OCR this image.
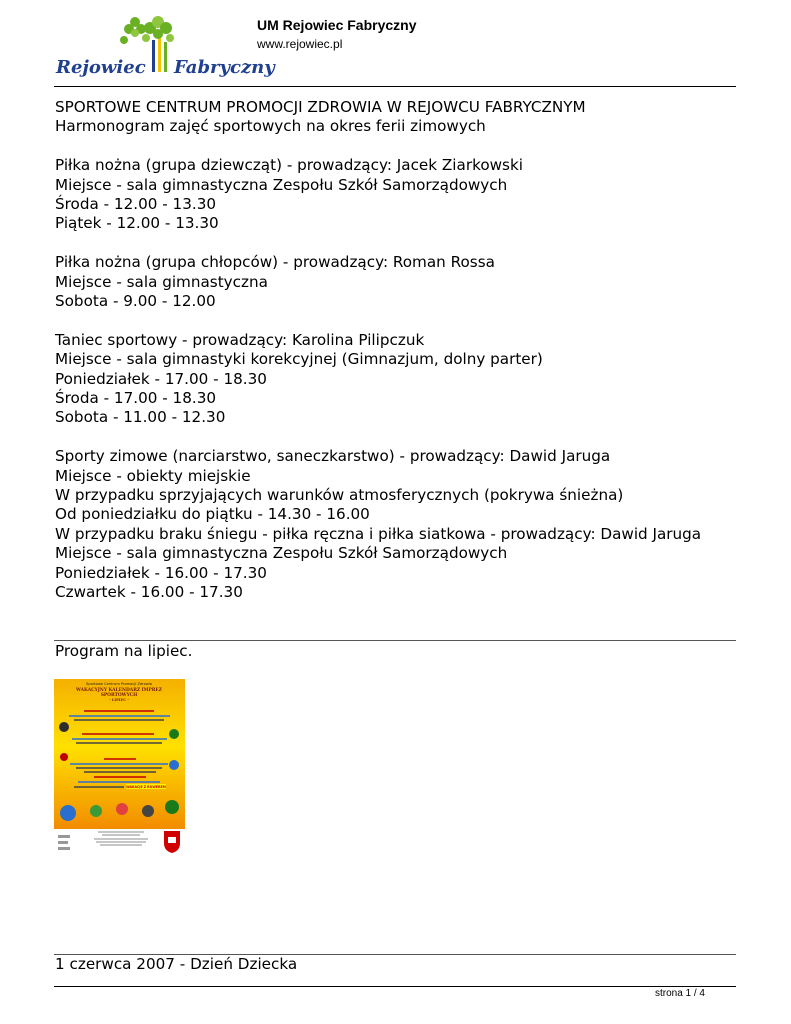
Rejowiec Fabryczny
UM Rejowiec Fabryczny
www.rejowiec.pl

SPORTOWE CENTRUM PROMOCJI ZDROWIA W REJOWCU FABRYCZNYM
Harmonogram zajęć sportowych na okres ferii zimowych

Piłka nożna (grupa dziewcząt) - prowadzący: Jacek Ziarkowski
Miejsce - sala gimnastyczna Zespołu Szkół Samorządowych
Środa - 12.00 - 13.30
Piątek - 12.00 - 13.30

Piłka nożna (grupa chłopców) - prowadzący: Roman Rossa
Miejsce - sala gimnastyczna
Sobota - 9.00 - 12.00

Taniec sportowy - prowadzący: Karolina Pilipczuk
Miejsce - sala gimnastyki korekcyjnej (Gimnazjum, dolny parter)
Poniedziałek - 17.00 - 18.30
Środa - 17.00 - 18.30
Sobota - 11.00 - 12.30

Sporty zimowe (narciarstwo, saneczkarstwo) - prowadzący: Dawid Jaruga
Miejsce - obiekty miejskie
W przypadku sprzyjających warunków atmosferycznych (pokrywa śnieżna)
Od poniedziałku do piątku - 14.30 - 16.00
W przypadku braku śniegu - piłka ręczna i piłka siatkowa - prowadzący: Dawid Jaruga
Miejsce - sala gimnastyczna Zespołu Szkół Samorządowych
Poniedziałek - 16.00 - 17.30
Czwartek - 16.00 - 17.30

Program na lipiec.
Sportowe Centrum Promocji Zdrowia
WAKACYJNY KALENDARZ IMPREZ
SPORTOWYCH
- LIPIEC -
WAKACJE Z ROWEREM
1 czerwca 2007 - Dzień Dziecka
strona 1 / 4
